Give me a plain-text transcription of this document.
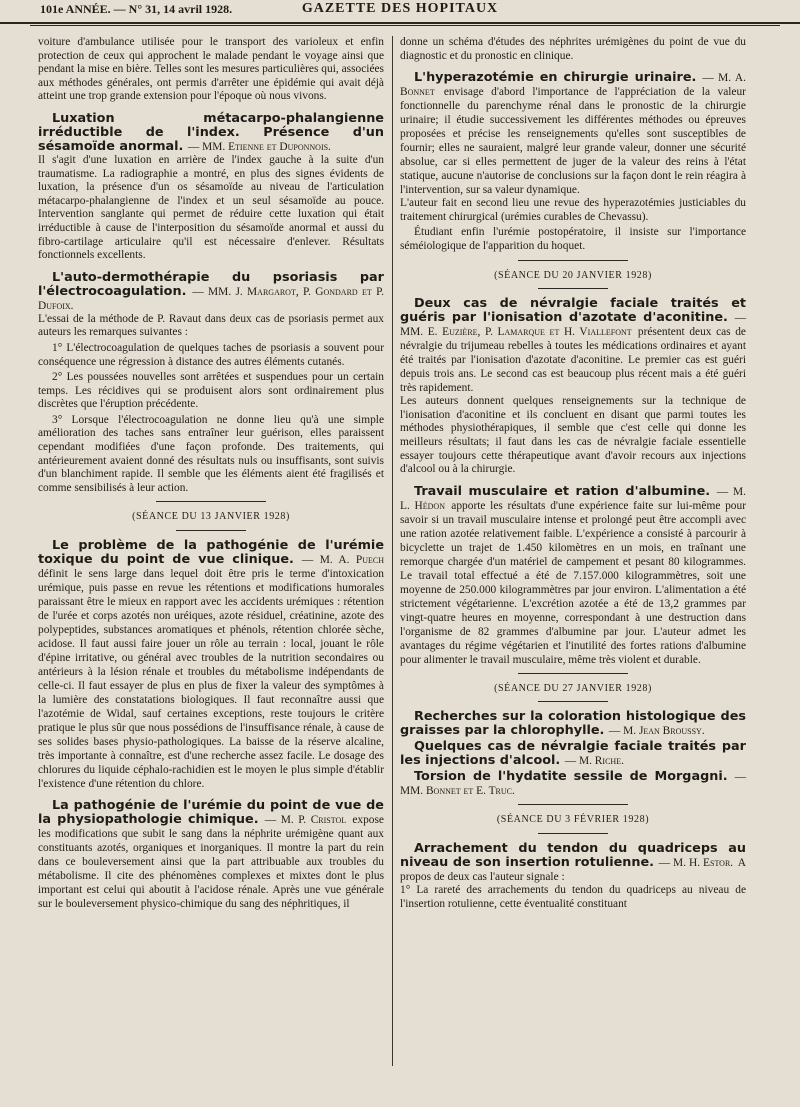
101e ANNÉE. — N° 31, 14 avril 1928.	GAZETTE DES HOPITAUX

voiture d'ambulance utilisée pour le transport des varioleux et enfin protection de ceux qui approchent le malade pendant le voyage ainsi que pendant la mise en bière. Telles sont les mesures particulières qui, associées aux méthodes générales, ont permis d'arrêter une épidémie qui avait déjà atteint une trop grande extension pour l'époque où nous vivons.

Luxation métacarpo-phalangienne irréductible de l'index. Présence d'un sésamoïde anormal. — MM. Etienne et Duponnois.

Il s'agit d'une luxation en arrière de l'index gauche à la suite d'un traumatisme. La radiographie a montré, en plus des signes évidents de luxation, la présence d'un os sésamoïde au niveau de l'articulation métacarpo-phalangienne de l'index et un seul sésamoïde au pouce. Intervention sanglante qui permet de réduire cette luxation qui était irréductible à cause de l'interposition du sésamoïde anormal et aussi du fibro-cartilage articulaire qu'il est nécessaire d'enlever. Résultats fonctionnels excellents.

L'auto-dermothérapie du psoriasis par l'électrocoagulation. — MM. J. Margarot, P. Gondard et P. Dufoix.

L'essai de la méthode de P. Ravaut dans deux cas de psoriasis permet aux auteurs les remarques suivantes :

1° L'électrocoagulation de quelques taches de psoriasis a souvent pour conséquence une régression à distance des autres éléments cutanés.

2° Les poussées nouvelles sont arrêtées et suspendues pour un certain temps. Les récidives qui se produisent alors sont ordinairement plus discrètes que l'éruption précédente.

3° Lorsque l'électrocoagulation ne donne lieu qu'à une simple amélioration des taches sans entraîner leur guérison, elles paraissent cependant modifiées d'une façon profonde. Des traitements, qui antérieurement avaient donné des résultats nuls ou insuffisants, sont suivis d'un blanchiment rapide. Il semble que les éléments aient été fragilisés et comme sensibilisés à leur action.

(SÉANCE DU 13 JANVIER 1928)
Le problème de la pathogénie de l'urémie toxique du point de vue clinique. — M. A. Puech définit le sens large dans lequel doit être pris le terme d'intoxication urémique, puis passe en revue les rétentions et modifications humorales paraissant être le mieux en rapport avec les accidents urémiques : rétention de l'urée et corps azotés non uréiques, azote résiduel, créatinine, azote des polypeptides, substances aromatiques et phénols, rétention chlorée sèche, acidose. Il faut aussi faire jouer un rôle au terrain : local, jouant le rôle d'épine irritative, ou général avec troubles de la nutrition secondaires ou antérieurs à la lésion rénale et troubles du métabolisme indépendants de celle-ci. Il faut essayer de plus en plus de fixer la valeur des symptômes à la lumière des constatations biologiques. Il faut reconnaître aussi que l'azotémie de Widal, sauf certaines exceptions, reste toujours le critère pratique le plus sûr que nous possédions de l'insuffisance rénale, à cause de ses solides bases physio-pathologiques. La baisse de la réserve alcaline, très importante à connaître, est d'une recherche assez facile. Le dosage des chlorures du liquide céphalo-rachidien est le moyen le plus simple d'établir l'existence d'une rétention du chlore.
La pathogénie de l'urémie du point de vue de la physiopathologie chimique. — M. P. Cristol expose les modifications que subit le sang dans la néphrite urémigène quant aux constituants azotés, organiques et inorganiques. Il montre la part du rein dans ce bouleversement ainsi que la part attribuable aux troubles du métabolisme. Il cite des phénomènes complexes et mixtes dont le plus important est celui qui aboutit à l'acidose rénale. Après une vue générale sur le bouleversement physico-chimique du sang des néphritiques, il

donne un schéma d'études des néphrites urémigènes du point de vue du diagnostic et du pronostic en clinique.

L'hyperazotémie en chirurgie urinaire. — M. A. Bonnet envisage d'abord l'importance de l'appréciation de la valeur fonctionnelle du parenchyme rénal dans le pronostic de la chirurgie urinaire; il étudie successivement les différentes méthodes ou épreuves proposées et précise les renseignements qu'elles sont susceptibles de fournir; elles ne sauraient, malgré leur grande valeur, donner une sécurité absolue, car si elles permettent de juger de la valeur des reins à l'état statique, aucune n'autorise de conclusions sur la façon dont le rein réagira à l'intervention, sur sa valeur dynamique.

L'auteur fait en second lieu une revue des hyperazotémies justiciables du traitement chirurgical (urémies curables de Chevassu).

Étudiant enfin l'urémie postopératoire, il insiste sur l'importance séméiologique de l'apparition du hoquet.

(SÉANCE DU 20 JANVIER 1928)
Deux cas de névralgie faciale traités et guéris par l'ionisation d'azotate d'aconitine. — MM. E. Euzière, P. Lamarque et H. Viallefont présentent deux cas de névralgie du trijumeau rebelles à toutes les médications ordinaires et ayant été traités par l'ionisation d'azotate d'aconitine. Le premier cas est guéri depuis trois ans. Le second cas est beaucoup plus récent mais a été guéri très rapidement.

Les auteurs donnent quelques renseignements sur la technique de l'ionisation d'aconitine et ils concluent en disant que parmi toutes les méthodes physiothérapiques, il semble que c'est celle qui donne les meilleurs résultats; il faut dans les cas de névralgie faciale essentielle essayer toujours cette thérapeutique avant d'avoir recours aux injections d'alcool ou à la chirurgie.

Travail musculaire et ration d'albumine. — M. L. Hédon apporte les résultats d'une expérience faite sur lui-même pour savoir si un travail musculaire intense et prolongé peut être accompli avec une ration azotée relativement faible. L'expérience a consisté à parcourir à bicyclette un trajet de 1.450 kilomètres en un mois, en traînant une remorque chargée d'un matériel de campement et pesant 80 kilogrammes. Le travail total effectué a été de 7.157.000 kilogrammètres, soit une moyenne de 250.000 kilogrammètres par jour environ. L'alimentation a été strictement végétarienne. L'excrétion azotée a été de 13,2 grammes par vingt-quatre heures en moyenne, correspondant à une destruction dans l'organisme de 82 grammes d'albumine par jour. L'auteur admet les avantages du régime végétarien et l'inutilité des fortes rations d'albumine pour alimenter le travail musculaire, même très violent et durable.
(SÉANCE DU 27 JANVIER 1928)
Recherches sur la coloration histologique des graisses par la chlorophylle. — M. Jean Broussy.
Quelques cas de névralgie faciale traités par les injections d'alcool. — M. Riche.
Torsion de l'hydatite sessile de Morgagni. — MM. Bonnet et E. Truc.
(SÉANCE DU 3 FÉVRIER 1928)
Arrachement du tendon du quadriceps au niveau de son insertion rotulienne. — M. H. Estor. A propos de deux cas l'auteur signale :

1° La rareté des arrachements du tendon du quadriceps au niveau de l'insertion rotulienne, cette éventualité constituant
